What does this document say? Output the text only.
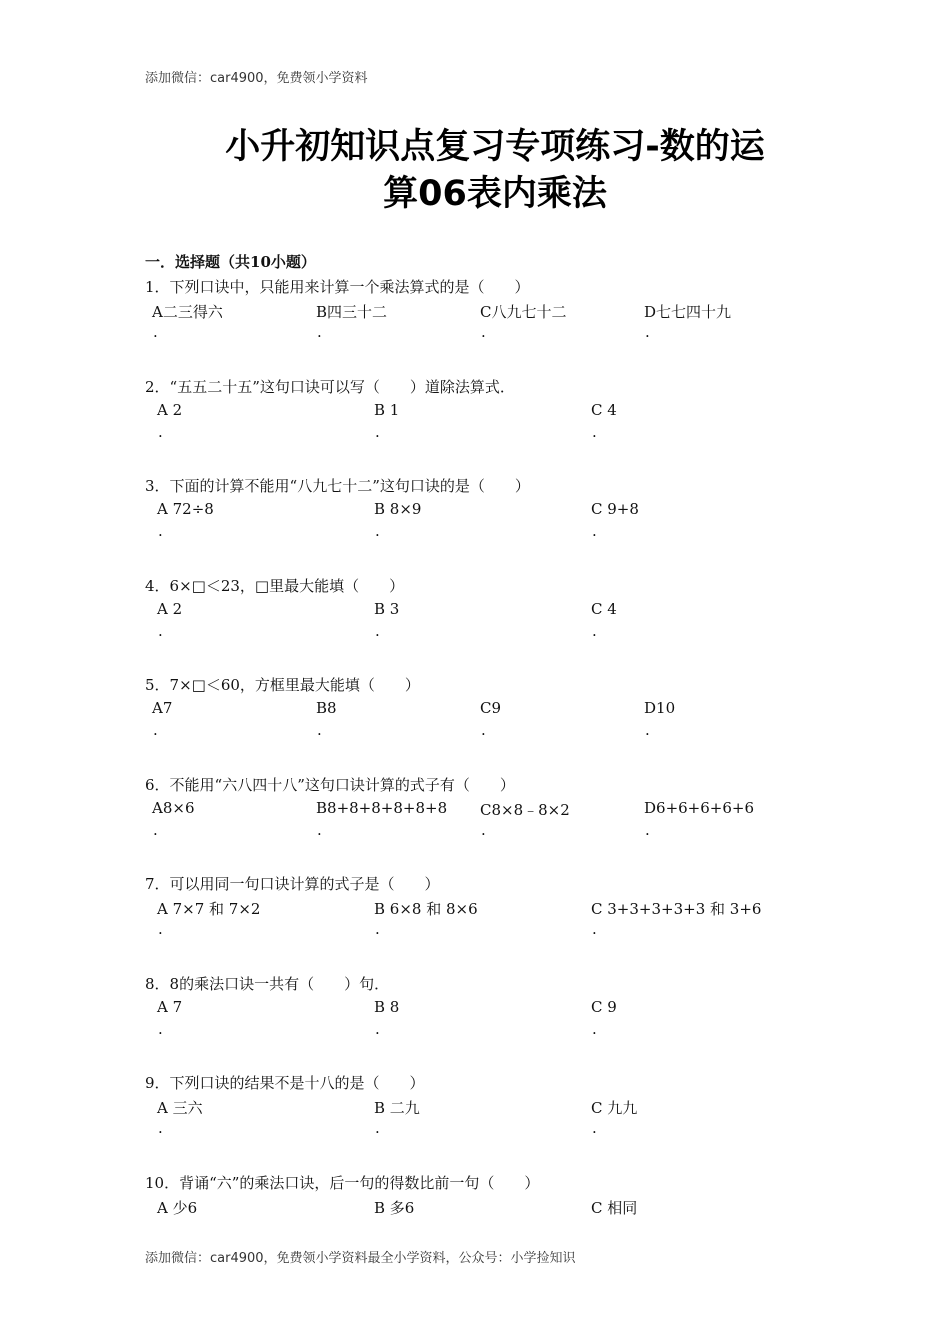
添加微信：car4900，免费领小学资料
小升初知识点复习专项练习-数的运
算06表内乘法
一．选择题（共10小题）
1．下列口诀中，只能用来计算一个乘法算式的是（　　）
A二三得六	B四三十二	C八九七十二	D七七四十九
.	.	.	.
2．“五五二十五”这句口诀可以写（　　）道除法算式．
A 2	B 1	C 4
.	.	.
3．下面的计算不能用“八九七十二”这句口诀的是（　　）
A 72÷8	B 8×9	C 9+8
.	.	.
4．6×□＜23，□里最大能填（　　）
A 2	B 3	C 4
.	.	.
5．7×□＜60，方框里最大能填（　　）
A7	B8	C9	D10
.	.	.	.
6．不能用“六八四十八”这句口诀计算的式子有（　　）
A8×6	B8+8+8+8+8+8 C8×8﹣8×2	D6+6+6+6+6
.	.	.	.
7．可以用同一句口诀计算的式子是（　　）
A 7×7 和 7×2	B 6×8 和 8×6	C 3+3+3+3+3 和 3+6
.	.	.
8．8的乘法口诀一共有（　　）句．
A 7	B 8	C 9
.	.	.
9．下列口诀的结果不是十八的是（　　）
A 三六	B 二九	C 九九
.	.	.
10．背诵“六”的乘法口诀，后一句的得数比前一句（　　）
A 少6	B 多6	C 相同
添加微信：car4900，免费领小学资料最全小学资料，公众号：小学捡知识
